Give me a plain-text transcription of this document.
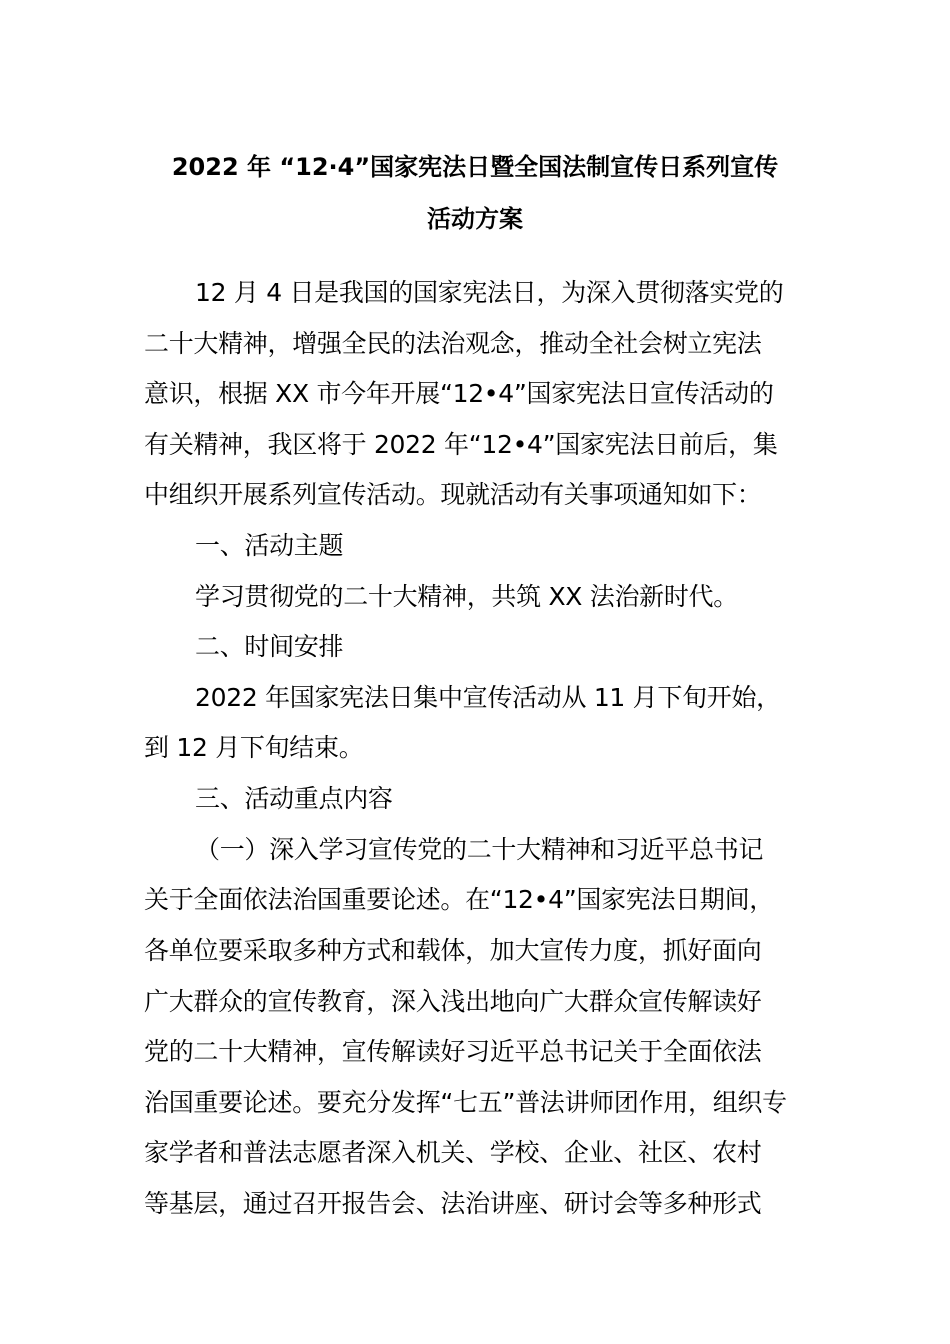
2022 年 “12·4”国家宪法日暨全国法制宣传日系列宣传
活动方案
12 月 4 日是我国的国家宪法日，为深入贯彻落实党的
二十大精神，增强全民的法治观念，推动全社会树立宪法
意识，根据 XX 市今年开展“12•4”国家宪法日宣传活动的
有关精神，我区将于 2022 年“12•4”国家宪法日前后，集
中组织开展系列宣传活动。现就活动有关事项通知如下：
一、活动主题
学习贯彻党的二十大精神，共筑 XX 法治新时代。
二、时间安排
2022 年国家宪法日集中宣传活动从 11 月下旬开始，
到 12 月下旬结束。
三、活动重点内容
（一）深入学习宣传党的二十大精神和习近平总书记
关于全面依法治国重要论述。在“12•4”国家宪法日期间，
各单位要采取多种方式和载体，加大宣传力度，抓好面向
广大群众的宣传教育，深入浅出地向广大群众宣传解读好
党的二十大精神，宣传解读好习近平总书记关于全面依法
治国重要论述。要充分发挥“七五”普法讲师团作用，组织专
家学者和普法志愿者深入机关、学校、企业、社区、农村
等基层，通过召开报告会、法治讲座、研讨会等多种形式
